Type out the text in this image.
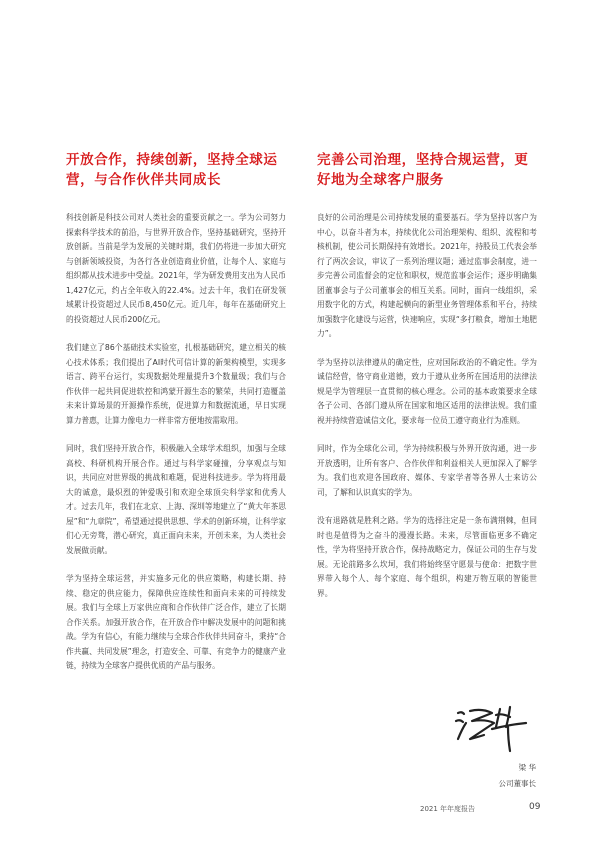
开放合作，持续创新，坚持全球运营，与合作伙伴共同成长

科技创新是科技公司对人类社会的重要贡献之一。学为公司努力探索科学技术的前沿，与世界开放合作，坚持基础研究，坚持开放创新。当前是学为发展的关键时期，我们仍将进一步加大研究与创新领域投资，为各行各业创造商业价值，让每个人、家庭与组织都从技术进步中受益。2021年，学为研发费用支出为人民币1,427亿元，约占全年收入的22.4%。过去十年，我们在研发领域累计投资超过人民币8,450亿元。近几年，每年在基础研究上的投资超过人民币200亿元。

我们建立了86个基础技术实验室，扎根基础研究，建立相关的核心技术体系；我们提出了AI时代可信计算的新架构模型，实现多语言、跨平台运行，实现数据处理量提升3个数量级；我们与合作伙伴一起共同促进软控和鸿蒙开源生态的繁荣，共同打造覆盖未来计算场景的开源操作系统，促进算力和数据流通，早日实现算力普惠，让算力像电力一样非常方便地按需取用。

同时，我们坚持开放合作，积极融入全球学术组织，加强与全球高校、科研机构开展合作。通过与科学家碰撞，分享观点与知识，共同应对世界级的挑战和难题，促进科技进步。学为将用最大的诚意，最炽烈的钟爱吸引和欢迎全球顶尖科学家和优秀人才。过去几年，我们在北京、上海、深圳等地建立了“黄大年茶思屋”和“九章院”，希望通过提供思想、学术的创新环境，让科学家们心无旁骛，潜心研究，真正面向未来，开创未来，为人类社会发展做贡献。

学为坚持全球运营，并实施多元化的供应策略，构建长期、持续、稳定的供应能力，保障供应连续性和面向未来的可持续发展。我们与全球上万家供应商和合作伙伴广泛合作，建立了长期合作关系。加强开放合作，在开放合作中解决发展中的问题和挑战。学为有信心，有能力继续与全球合作伙伴共同奋斗，秉持“合作共赢、共同发展”理念，打造安全、可靠、有竞争力的健康产业链，持续为全球客户提供优质的产品与服务。

完善公司治理，坚持合规运营，更好地为全球客户服务

良好的公司治理是公司持续发展的重要基石。学为坚持以客户为中心，以奋斗者为本，持续优化公司治理架构、组织、流程和考核机制，使公司长期保持有效增长。2021年，持股员工代表会举行了两次会议，审议了一系列治理议题；通过监事会制度，进一步完善公司监督会的定位和职权，规范监事会运作；逐步明确集团董事会与子公司董事会的相互关系。同时，面向一线组织，采用数字化的方式，构建起横向的新型业务管理体系和平台，持续加强数字化建设与运营，快速响应，实现“多打粮食，增加土地肥力”。

学为坚持以法律遵从的确定性，应对国际政治的不确定性。学为诚信经营，恪守商业道德，致力于遵从业务所在国适用的法律法规是学为管理层一直贯彻的核心理念。公司的基本政策要求全球各子公司、各部门遵从所在国家和地区适用的法律法规。我们重视并持续营造诚信文化，要求每一位员工遵守商业行为准则。

同时，作为全球化公司，学为持续积极与外界开放沟通，进一步开放透明，让所有客户、合作伙伴和利益相关人更加深入了解学为。我们也欢迎各国政府、媒体、专家学者等各界人士来访公司，了解和认识真实的学为。

没有退路就是胜利之路。学为的选择注定是一条布满荆棘，但同时也是值得为之奋斗的漫漫长路。未来，尽管面临更多不确定性，学为将坚持开放合作，保持战略定力，保证公司的生存与发展。无论前路多么坎坷，我们将始终坚守愿景与使命：把数字世界带入每个人、每个家庭、每个组织，构建万物互联的智能世界。

梁 华
公司董事长
2021 年年度报告	09
